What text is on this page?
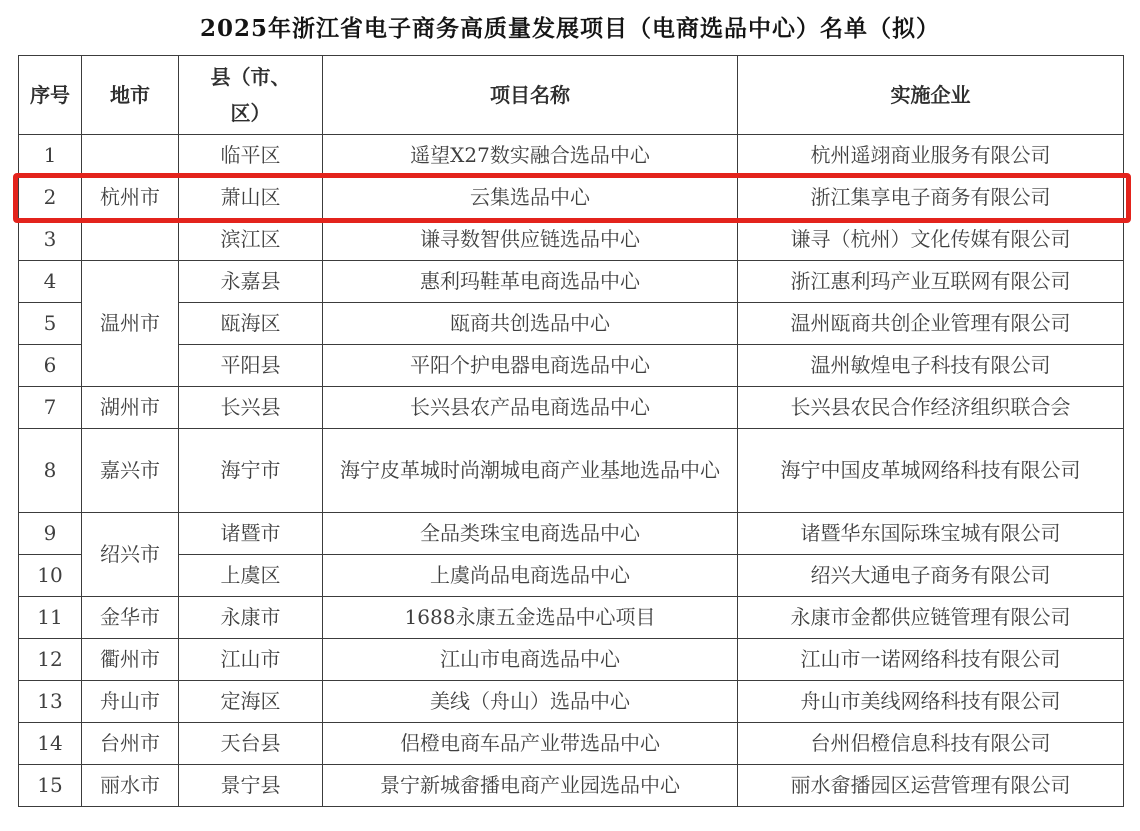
2025年浙江省电子商务高质量发展项目（电商选品中心）名单（拟）
序号	地市	县（市、区）	项目名称	实施企业
1	杭州市	临平区	遥望X27数实融合选品中心	杭州遥翊商业服务有限公司
2		萧山区	云集选品中心	浙江集享电子商务有限公司
3		滨江区	谦寻数智供应链选品中心	谦寻（杭州）文化传媒有限公司
4	温州市	永嘉县	惠利玛鞋革电商选品中心	浙江惠利玛产业互联网有限公司
5		瓯海区	瓯商共创选品中心	温州瓯商共创企业管理有限公司
6		平阳县	平阳个护电器电商选品中心	温州敏煌电子科技有限公司
7	湖州市	长兴县	长兴县农产品电商选品中心	长兴县农民合作经济组织联合会
8	嘉兴市	海宁市	海宁皮革城时尚潮城电商产业基地选品中心	海宁中国皮革城网络科技有限公司
9	绍兴市	诸暨市	全品类珠宝电商选品中心	诸暨华东国际珠宝城有限公司
10		上虞区	上虞尚品电商选品中心	绍兴大通电子商务有限公司
11	金华市	永康市	1688永康五金选品中心项目	永康市金都供应链管理有限公司
12	衢州市	江山市	江山市电商选品中心	江山市一诺网络科技有限公司
13	舟山市	定海区	美线（舟山）选品中心	舟山市美线网络科技有限公司
14	台州市	天台县	侣橙电商车品产业带选品中心	台州侣橙信息科技有限公司
15	丽水市	景宁县	景宁新城畲播电商产业园选品中心	丽水畲播园区运营管理有限公司
